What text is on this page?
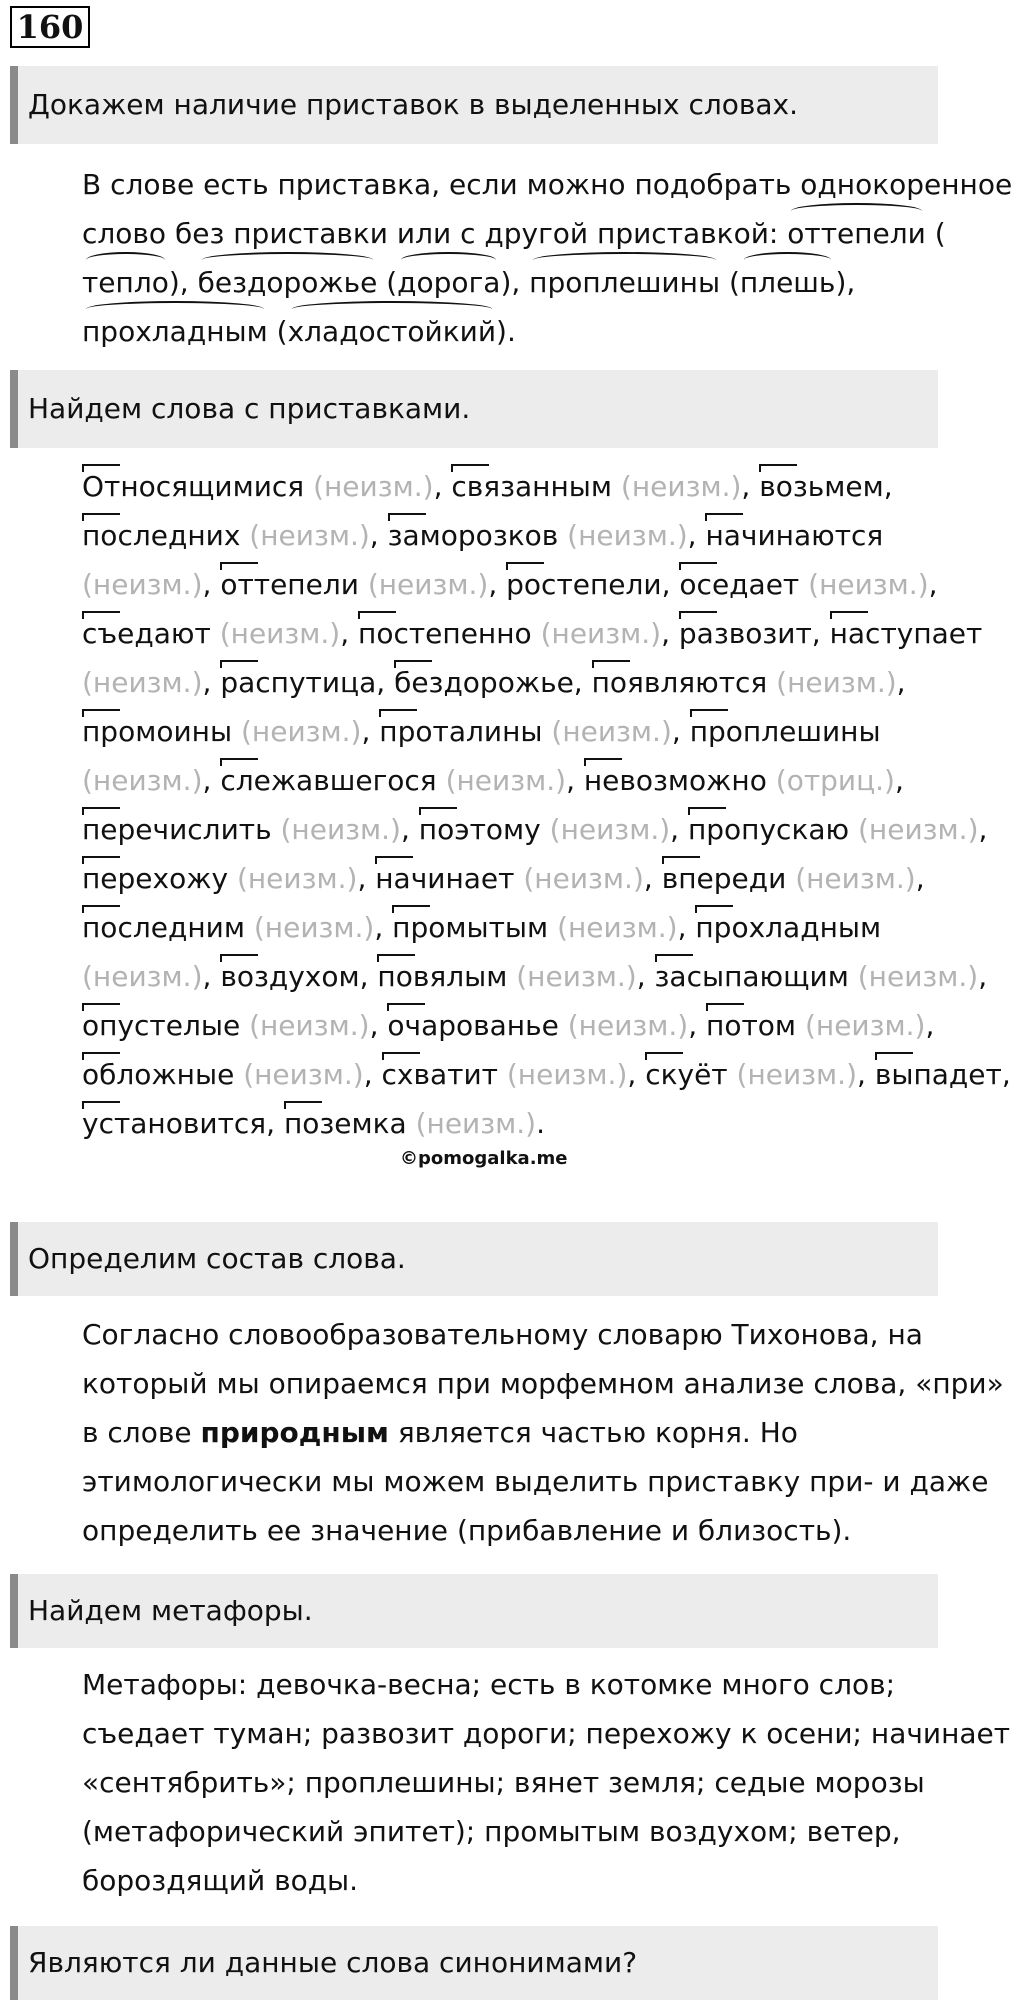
160
Докажем наличие приставок в выделенных словах.

В слове есть приставка, если можно подобрать однокоренное слово без приставки или с другой приставкой: оттепели (тепло), бездорожье (дорога), проплешины (плешь), прохладным (хладостойкий).

Найдем слова с приставками.

Относящимися (неизм.), связанным (неизм.), возьмем, последних (неизм.), заморозков (неизм.), начинаются (неизм.), оттепели (неизм.), ростепели, оседает (неизм.), съедают (неизм.), постепенно (неизм.), развозит, наступает (неизм.), распутица, бездорожье, появляются (неизм.), промоины (неизм.), проталины (неизм.), проплешины (неизм.), слежавшегося (неизм.), невозможно (отриц.), перечислить (неизм.), поэтому (неизм.), пропускаю (неизм.), перехожу (неизм.), начинает (неизм.), впереди (неизм.), последним (неизм.), промытым (неизм.), прохладным (неизм.), воздухом, повялым (неизм.), засыпающим (неизм.), опустелые (неизм.), очарованье (неизм.), потом (неизм.), обложные (неизм.), схватит (неизм.), скуёт (неизм.), выпадет, установится, поземка (неизм.).

©pomogalka.me
Определим состав слова.

Согласно словообразовательному словарю Тихонова, на который мы опираемся при морфемном анализе слова, «при» в слове природным является частью корня. Но этимологически мы можем выделить приставку при- и даже определить ее значение (прибавление и близость).

Найдем метафоры.

Метафоры: девочка-весна; есть в котомке много слов; съедает туман; развозит дороги; перехожу к осени; начинает «сентябрить»; проплешины; вянет земля; седые морозы (метафорический эпитет); промытым воздухом; ветер, бороздящий воды.

Являются ли данные слова синонимами?
